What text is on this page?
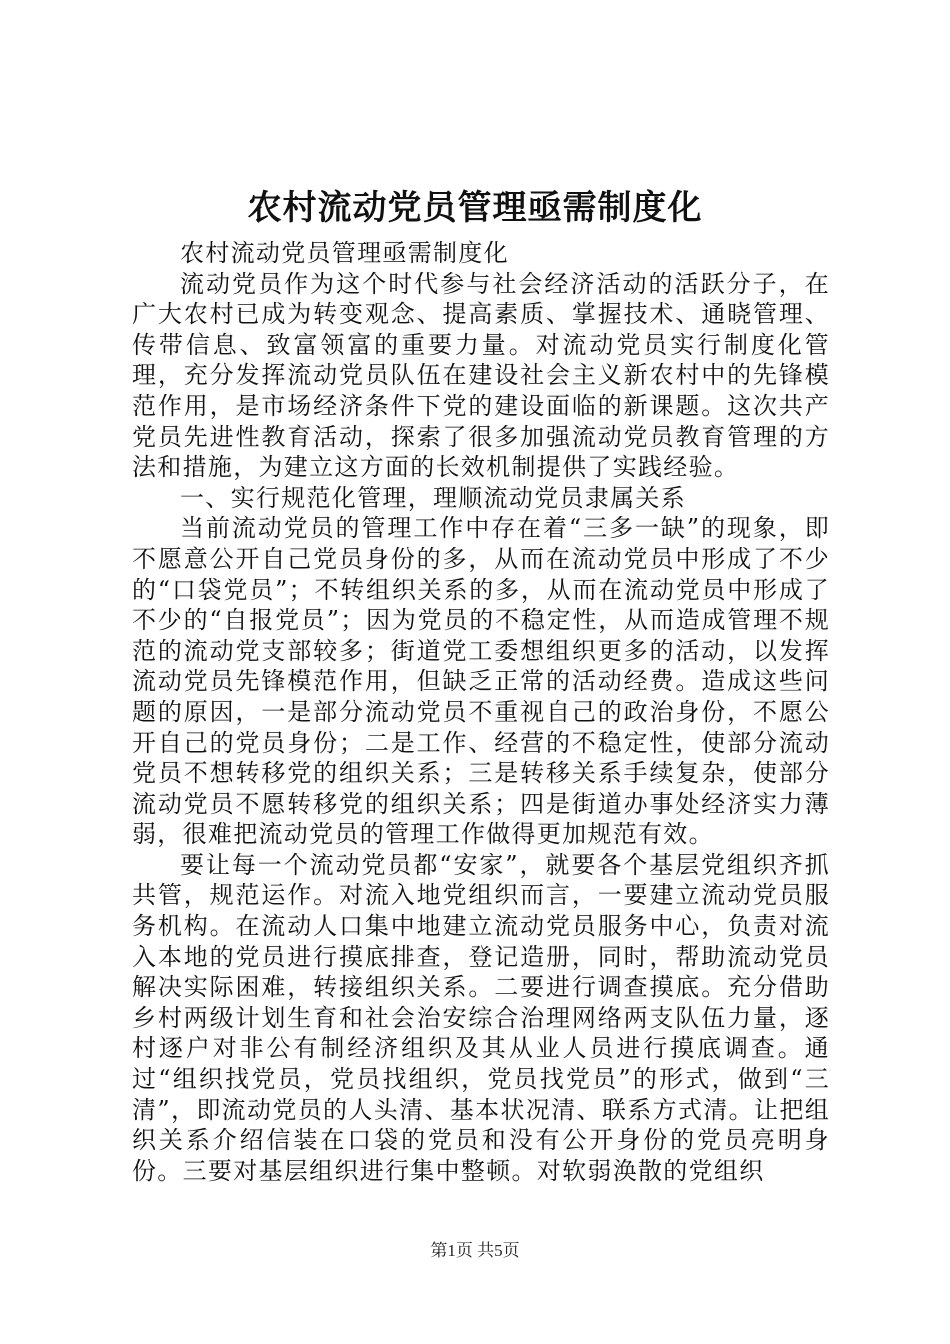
农村流动党员管理亟需制度化

农村流动党员管理亟需制度化

流动党员作为这个时代参与社会经济活动的活跃分子，在广大农村已成为转变观念、提高素质、掌握技术、通晓管理、传带信息、致富领富的重要力量。对流动党员实行制度化管理，充分发挥流动党员队伍在建设社会主义新农村中的先锋模范作用，是市场经济条件下党的建设面临的新课题。这次共产党员先进性教育活动，探索了很多加强流动党员教育管理的方法和措施，为建立这方面的长效机制提供了实践经验。

一、实行规范化管理，理顺流动党员隶属关系

当前流动党员的管理工作中存在着“三多一缺”的现象，即不愿意公开自己党员身份的多，从而在流动党员中形成了不少的“口袋党员”；不转组织关系的多，从而在流动党员中形成了不少的“自报党员”；因为党员的不稳定性，从而造成管理不规范的流动党支部较多；街道党工委想组织更多的活动，以发挥流动党员先锋模范作用，但缺乏正常的活动经费。造成这些问题的原因，一是部分流动党员不重视自己的政治身份，不愿公开自己的党员身份；二是工作、经营的不稳定性，使部分流动党员不想转移党的组织关系；三是转移关系手续复杂，使部分流动党员不愿转移党的组织关系；四是街道办事处经济实力薄弱，很难把流动党员的管理工作做得更加规范有效。

要让每一个流动党员都“安家”，就要各个基层党组织齐抓共管，规范运作。对流入地党组织而言，一要建立流动党员服务机构。在流动人口集中地建立流动党员服务中心，负责对流入本地的党员进行摸底排查，登记造册，同时，帮助流动党员解决实际困难，转接组织关系。二要进行调查摸底。充分借助乡村两级计划生育和社会治安综合治理网络两支队伍力量，逐村逐户对非公有制经济组织及其从业人员进行摸底调查。通过“组织找党员，党员找组织，党员找党员”的形式，做到“三清”，即流动党员的人头清、基本状况清、联系方式清。让把组织关系介绍信装在口袋的党员和没有公开身份的党员亮明身份。三要对基层组织进行集中整顿。对软弱涣散的党组织

第1页 共5页
